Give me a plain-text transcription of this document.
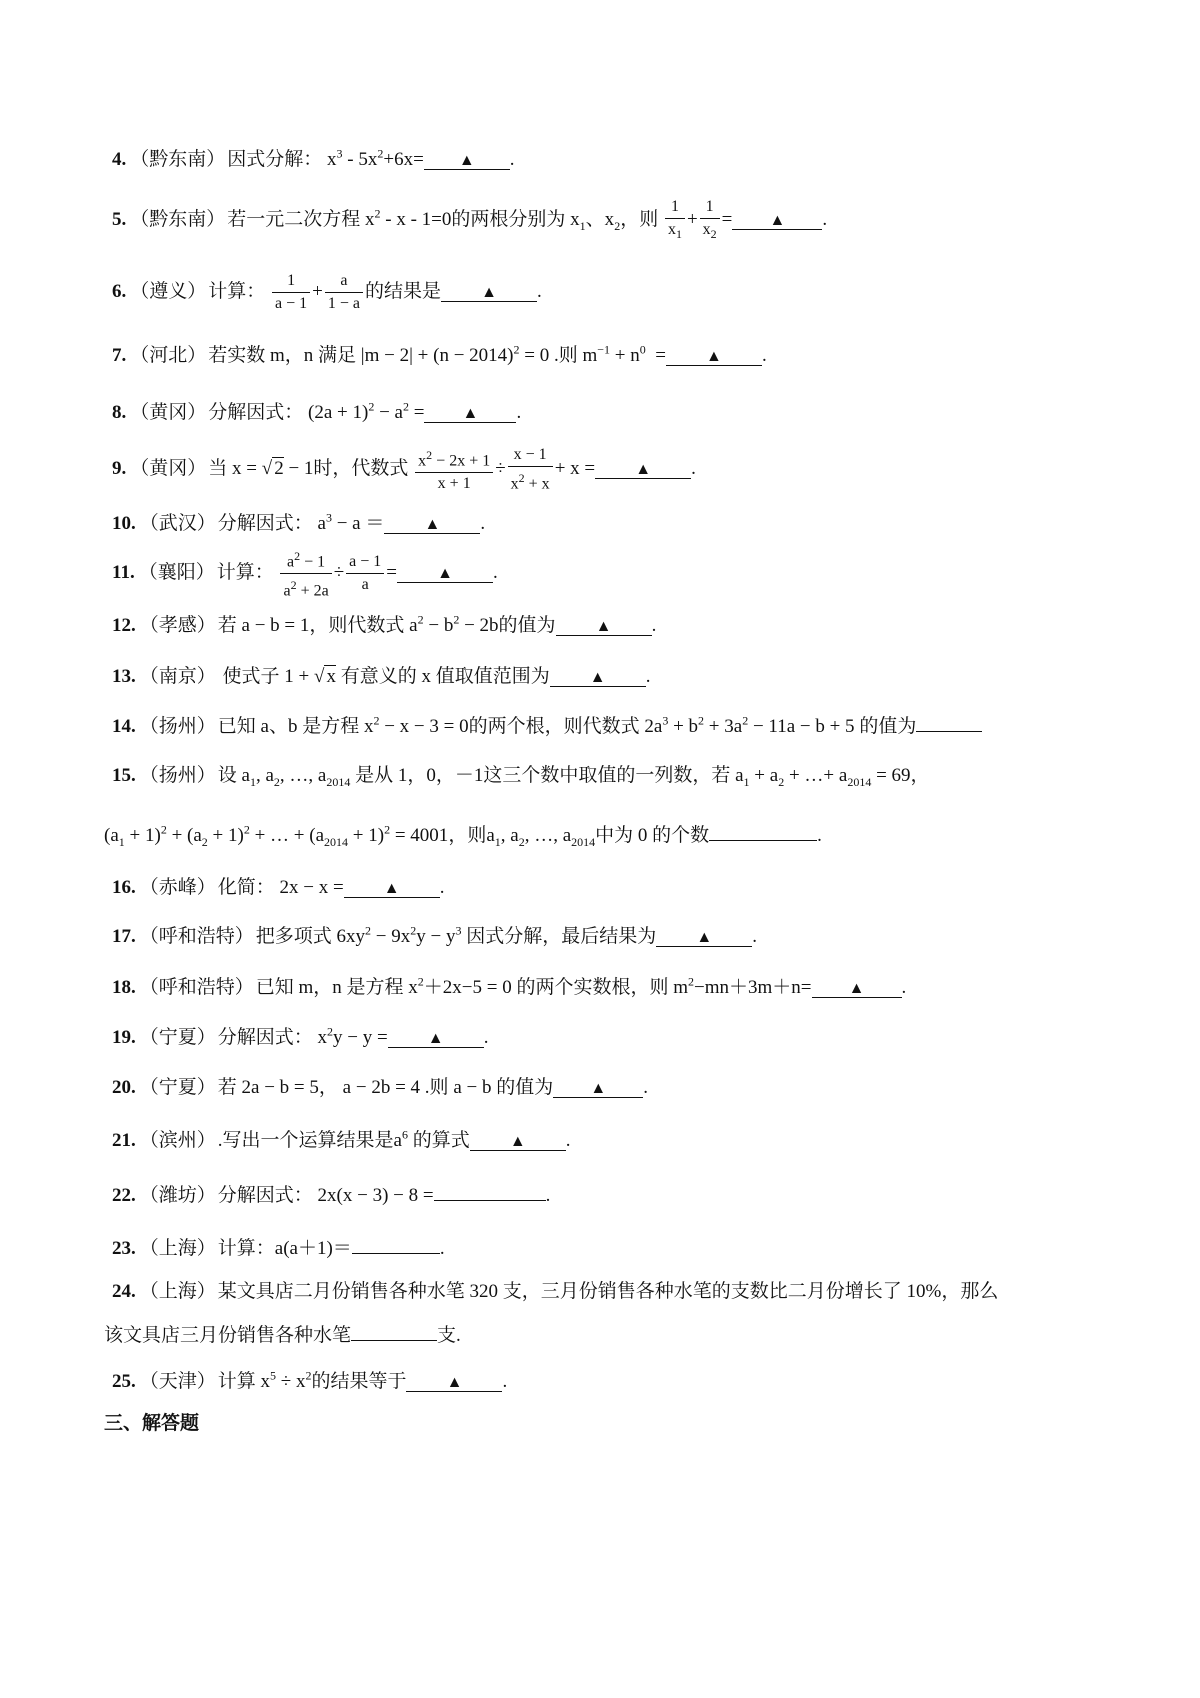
4. （黔东南） 因式分解： $x^3 - 5x^2+6x=$ ▲ .
5. （黔东南） 若一元二次方程 $x^2 - x - 1=0$的两根分别为 $x_1$、$x_2$，则 $\frac{1}{x_1} + \frac{1}{x_2}$ = ▲ .
6. （遵义） 计算： $\frac{1}{a - 1} + \frac{a}{1 - a}$ 的结果是	▲ .
7. （河北） 若实数 m，n 满足 $|m - 2| + (n - 2014)^2 = 0$ .则 $m^{-1} + n^0$  =	▲ .
8. （黄冈） 分解因式： $(2a + 1)^2 - a^2$ = ▲ .
9. （黄冈） 当 x = √ 2 − 1时，代数式 $\frac{x^2 - 2x + 1}{x + 1} \div \frac{x - 1}{x^2 + x} + x$ =	▲ .
10. （武汉） 分解因式： $a^3 - a$ ＝	▲ .
11. （襄阳） 计算： $\frac{a^2 - 1}{a^2 + 2a} \div \frac{a - 1}{a}$ =	▲ .
12. （孝感） 若 a − b = 1，则代数式 $a^2 - b^2 - 2b$的值为	▲ .
13. （南京） 使式子 1 + √ x 有意义的 x 值取值范围为	▲ .
14. （扬州） 已知 a、b 是方程 $x^2 - x - 3 = 0$的两个根，则代数式 $2a^3 + b^2 + 3a^2 - 11a - b + 5$ 的值为
15. （扬州） 设 $a_1$, $a_2$, …, $a_{2014}$ 是从 1，0，－1这三个数中取值的一列数，若 $a_1 + a_2$ + …+ $a_{2014} = 69$，
$(a_1 + 1)^2 + (a_2 + 1)^2$ + … + $(a_{2014} + 1)^2 = 4001$，则$a_1$, $a_2$, …, $a_{2014}$中为 0 的个数	.
16. （赤峰） 化简： 2x − x =	▲ .
17. （呼和浩特） 把多项式 $6xy^2 - 9x^2y - y^3$ 因式分解，最后结果为	▲ .
18. （呼和浩特） 已知 m，n 是方程 $x^2+2x-5 = 0$ 的两个实数根，则 $m^2-mn+3m+n=$ ▲ .
19. （宁夏） 分解因式： $x^2y - y$ =	▲ .
20. （宁夏） 若 2a − b = 5， a − 2b = 4 .则 a − b 的值为 ▲ .
21. （滨州） .写出一个运算结果是$a^6$ 的算式	▲ .
22. （潍坊） 分解因式： 2x(x − 3) − 8 =	.
23. （上海） 计算：a(a＋1)＝	.
24. （上海） 某文具店二月份销售各种水笔 320 支，三月份销售各种水笔的支数比二月份增长了 10%，那么
该文具店三月份销售各种水笔	支.
25. （天津） 计算 $x^5 \div x^2$的结果等于	▲ .
三、解答题
